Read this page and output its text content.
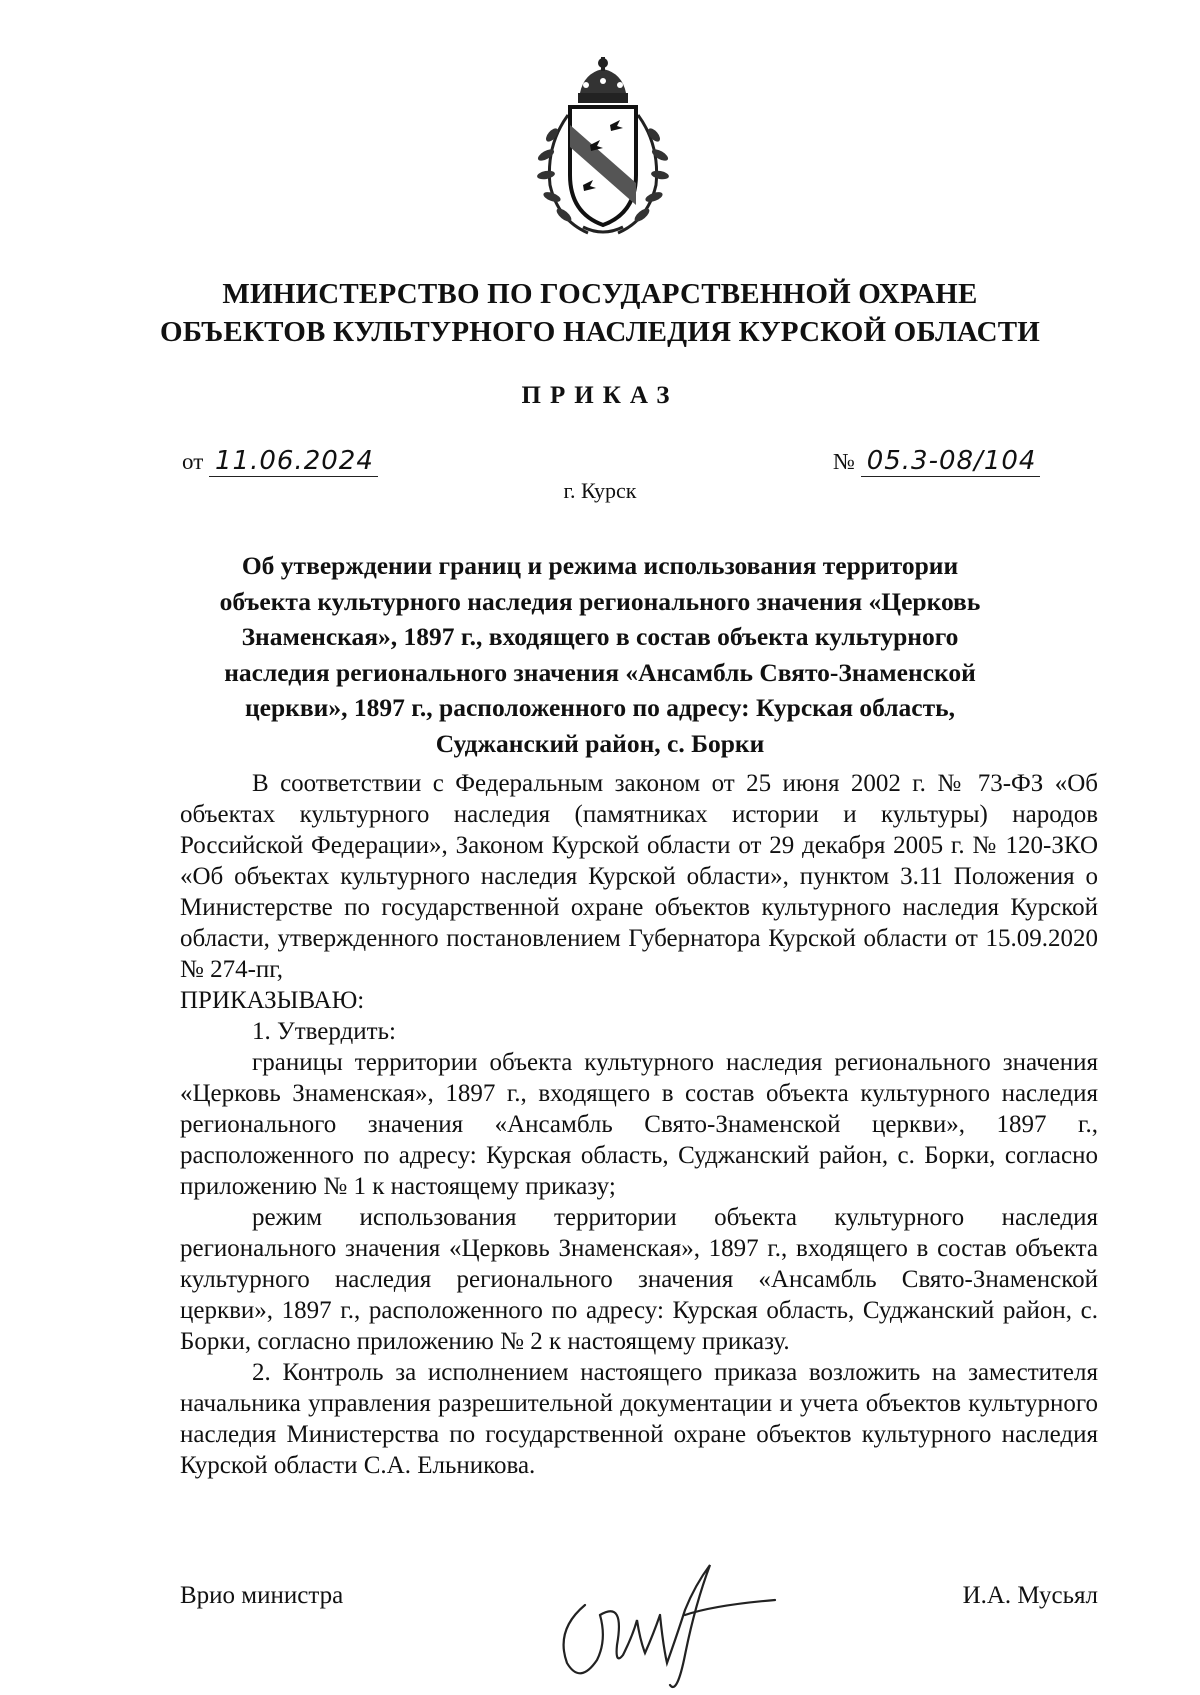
МИНИСТЕРСТВО ПО ГОСУДАРСТВЕННОЙ ОХРАНЕ
ОБЪЕКТОВ КУЛЬТУРНОГО НАСЛЕДИЯ КУРСКОЙ ОБЛАСТИ
ПРИКАЗ
от 11.06.2024	№ 05.3-08/104
г. Курск
Об утверждении границ и режима использования территории
объекта культурного наследия регионального значения «Церковь
Знаменская», 1897 г., входящего в состав объекта культурного
наследия регионального значения «Ансамбль Свято-Знаменской
церкви», 1897 г., расположенного по адресу: Курская область,
Суджанский район, с. Борки

В соответствии с Федеральным законом от 25 июня 2002 г. № 73-ФЗ «Об объектах культурного наследия (памятниках истории и культуры) народов Российской Федерации», Законом Курской области от 29 декабря 2005 г. № 120-ЗКО «Об объектах культурного наследия Курской области», пунктом 3.11 Положения о Министерстве по государственной охране объектов культурного наследия Курской области, утвержденного постановлением Губернатора Курской области от 15.09.2020 № 274-пг,

ПРИКАЗЫВАЮ:

1. Утвердить:

границы территории объекта культурного наследия регионального значения «Церковь Знаменская», 1897 г., входящего в состав объекта культурного наследия регионального значения «Ансамбль Свято-Знаменской церкви», 1897 г., расположенного по адресу: Курская область, Суджанский район, с. Борки, согласно приложению № 1 к настоящему приказу;

режим использования территории объекта культурного наследия регионального значения «Церковь Знаменская», 1897 г., входящего в состав объекта культурного наследия регионального значения «Ансамбль Свято-Знаменской церкви», 1897 г., расположенного по адресу: Курская область, Суджанский район, с. Борки, согласно приложению № 2 к настоящему приказу.

2. Контроль за исполнением настоящего приказа возложить на заместителя начальника управления разрешительной документации и учета объектов культурного наследия Министерства по государственной охране объектов культурного наследия Курской области С.А. Ельникова.

Врио министра	И.А. Мусьял
